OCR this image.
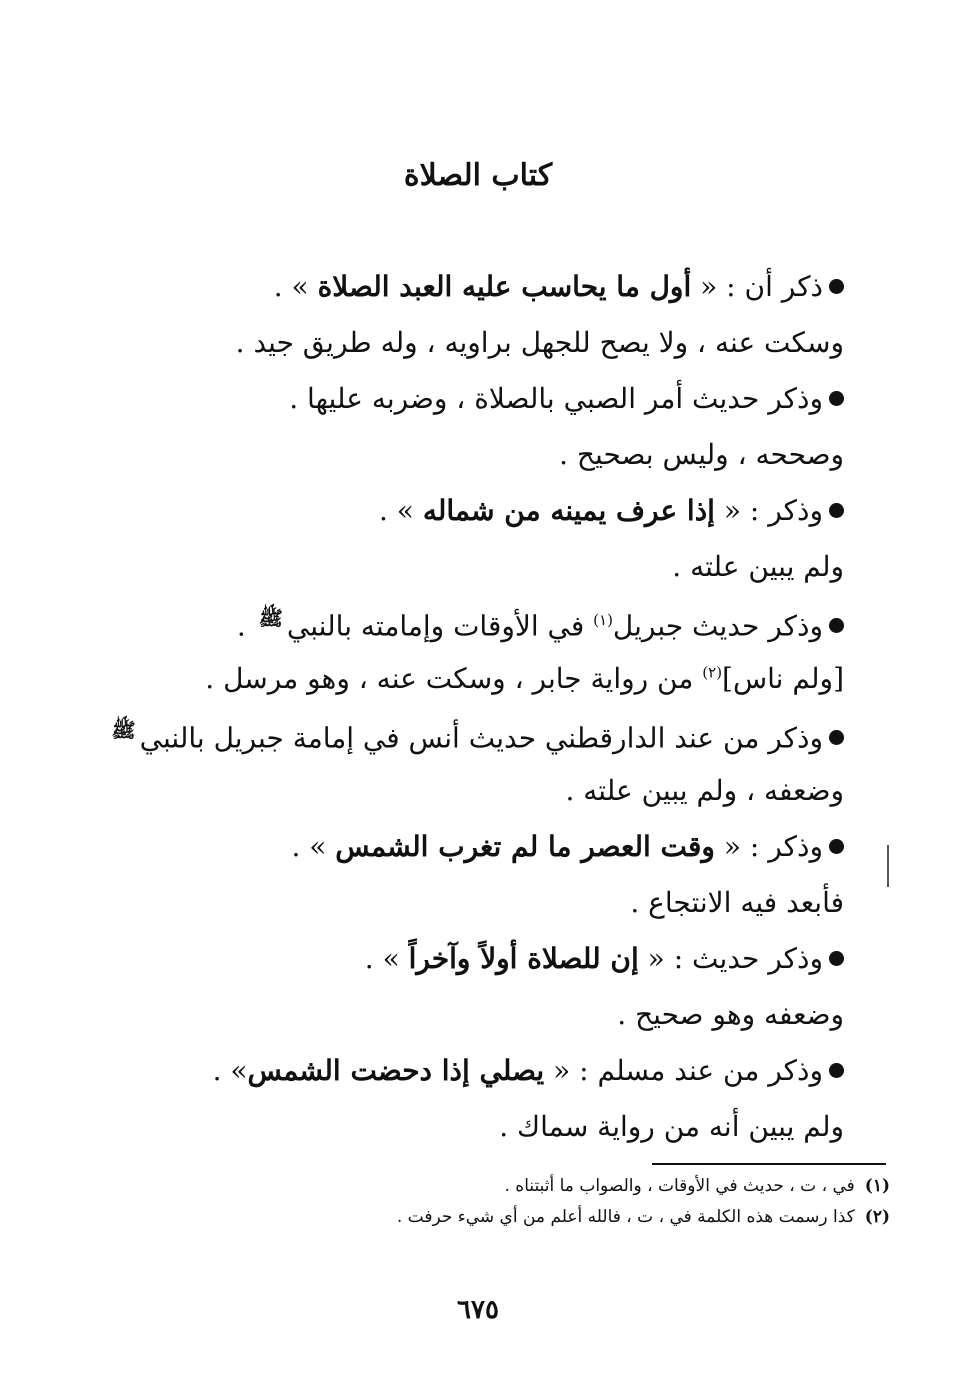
كتاب الصلاة
ذكر أن : « أول ما يحاسب عليه العبد الصلاة » .
وسكت عنه ، ولا يصح للجهل براويه ، وله طريق جيد .
وذكر حديث أمر الصبي بالصلاة ، وضربه عليها .
وصححه ، وليس بصحيح .
وذكر : « إذا عرف يمينه من شماله » .
ولم يبين علته .
وذكر حديث جبريل$^{(١)}$ في الأوقات وإمامته بالنبي$^ﷺ$ .
[ولم ناس]$^{(٢)}$ من رواية جابر ، وسكت عنه ، وهو مرسل .
وذكر من عند الدارقطني حديث أنس في إمامة جبريل بالنبي$^ﷺ$
وضعفه ، ولم يبين علته .
وذكر : « وقت العصر ما لم تغرب الشمس » .
فأبعد فيه الانتجاع .
وذكر حديث : « إن للصلاة أولاً وآخراً » .
وضعفه وهو صحيح .
وذكر من عند مسلم : « يصلي إذا دحضت الشمس» .
ولم يبين أنه من رواية سماك .
(١)في ، ت ، حديث في الأوقات ، والصواب ما أثبتناه .
(٢)كذا رسمت هذه الكلمة في ، ت ، فالله أعلم من أي شيء حرفت .
٦٧٥
